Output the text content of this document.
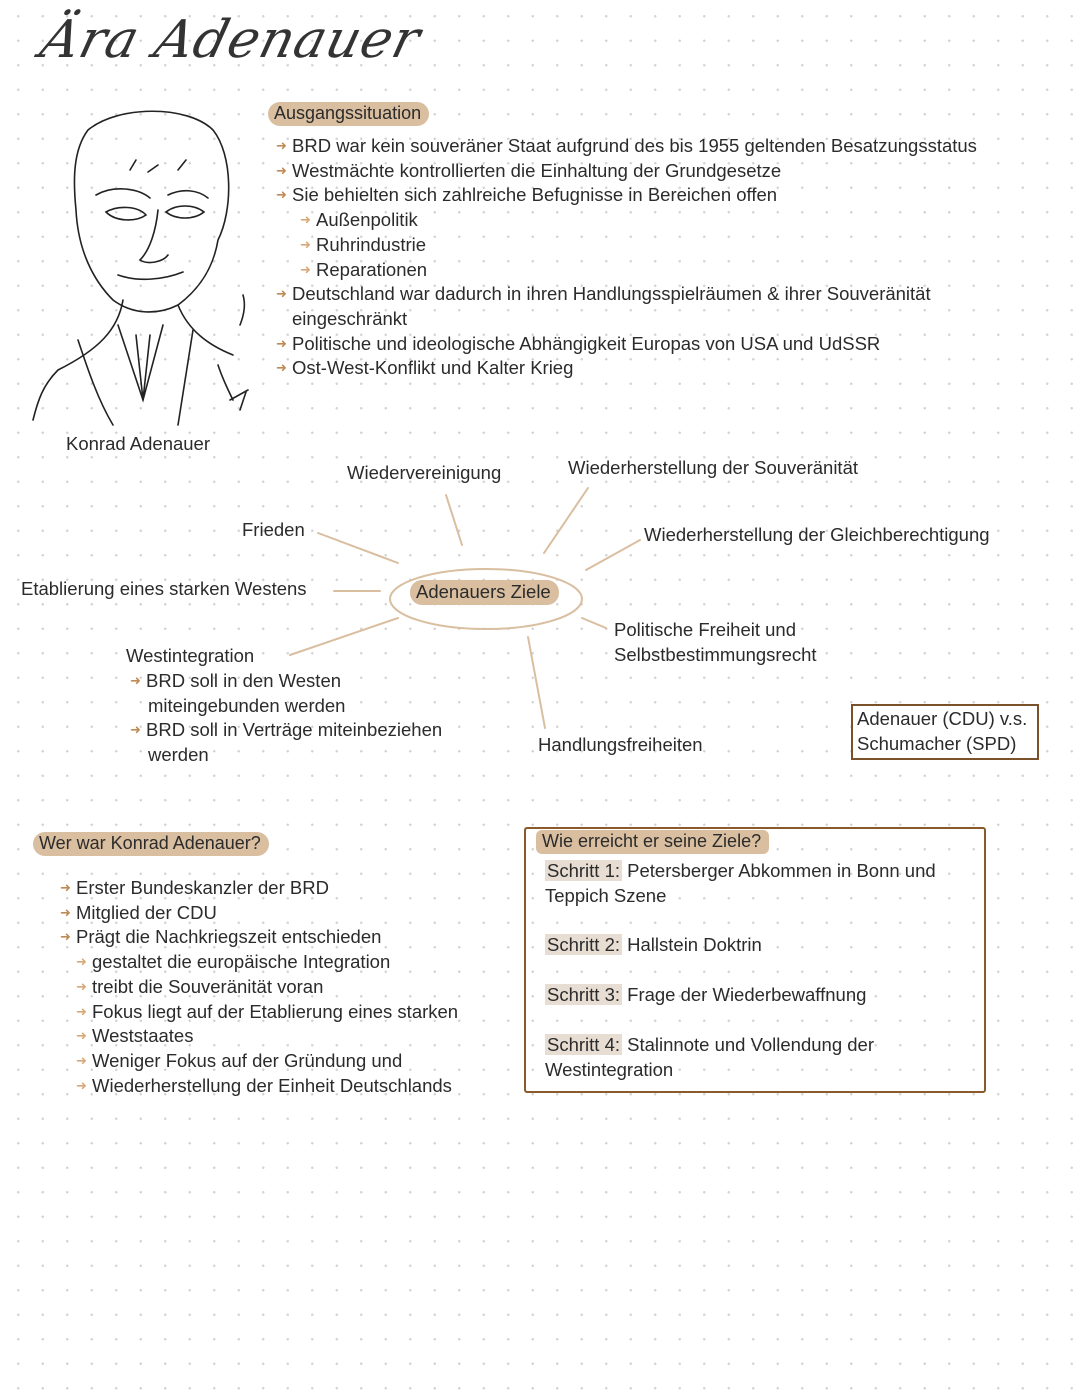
Ära Adenauer
Konrad Adenauer
Ausgangssituation
➜ BRD war kein souveräner Staat aufgrund des bis 1955 geltenden Besatzungsstatus
➜ Westmächte kontrollierten die Einhaltung der Grundgesetze
➜ Sie behielten sich zahlreiche Befugnisse in Bereichen offen
➜ Außenpolitik
➜ Ruhrindustrie
➜ Reparationen
➜ Deutschland war dadurch in ihren Handlungsspielräumen & ihrer Souveränität
eingeschränkt
➜ Politische und ideologische Abhängigkeit Europas von USA und UdSSR
➜ Ost-West-Konflikt und Kalter Krieg
Adenauers Ziele
Wiedervereinigung	Wiederherstellung der Souveränität
Frieden	Wiederherstellung der Gleichberechtigung
Etablierung eines starken Westens
Politische Freiheit und
Selbstbestimmungsrecht
Westintegration
➜ BRD soll in den Westen
miteingebunden werden
➜ BRD soll in Verträge miteinbeziehen
werden	Handlungsfreiheiten
Adenauer (CDU) v.s.
Schumacher (SPD)
Wer war Konrad Adenauer?
➜ Erster Bundeskanzler der BRD
➜ Mitglied der CDU
➜ Prägt die Nachkriegszeit entschieden
➜ gestaltet die europäische Integration
➜ treibt die Souveränität voran
➜ Fokus liegt auf der Etablierung eines starken
➜ Weststaates
➜ Weniger Fokus auf der Gründung und
➜ Wiederherstellung der Einheit Deutschlands
Wie erreicht er seine Ziele?
Schritt 1: Petersberger Abkommen in Bonn und
Teppich Szene
Schritt 2: Hallstein Doktrin
Schritt 3: Frage der Wiederbewaffnung
Schritt 4: Stalinnote und Vollendung der
Westintegration
